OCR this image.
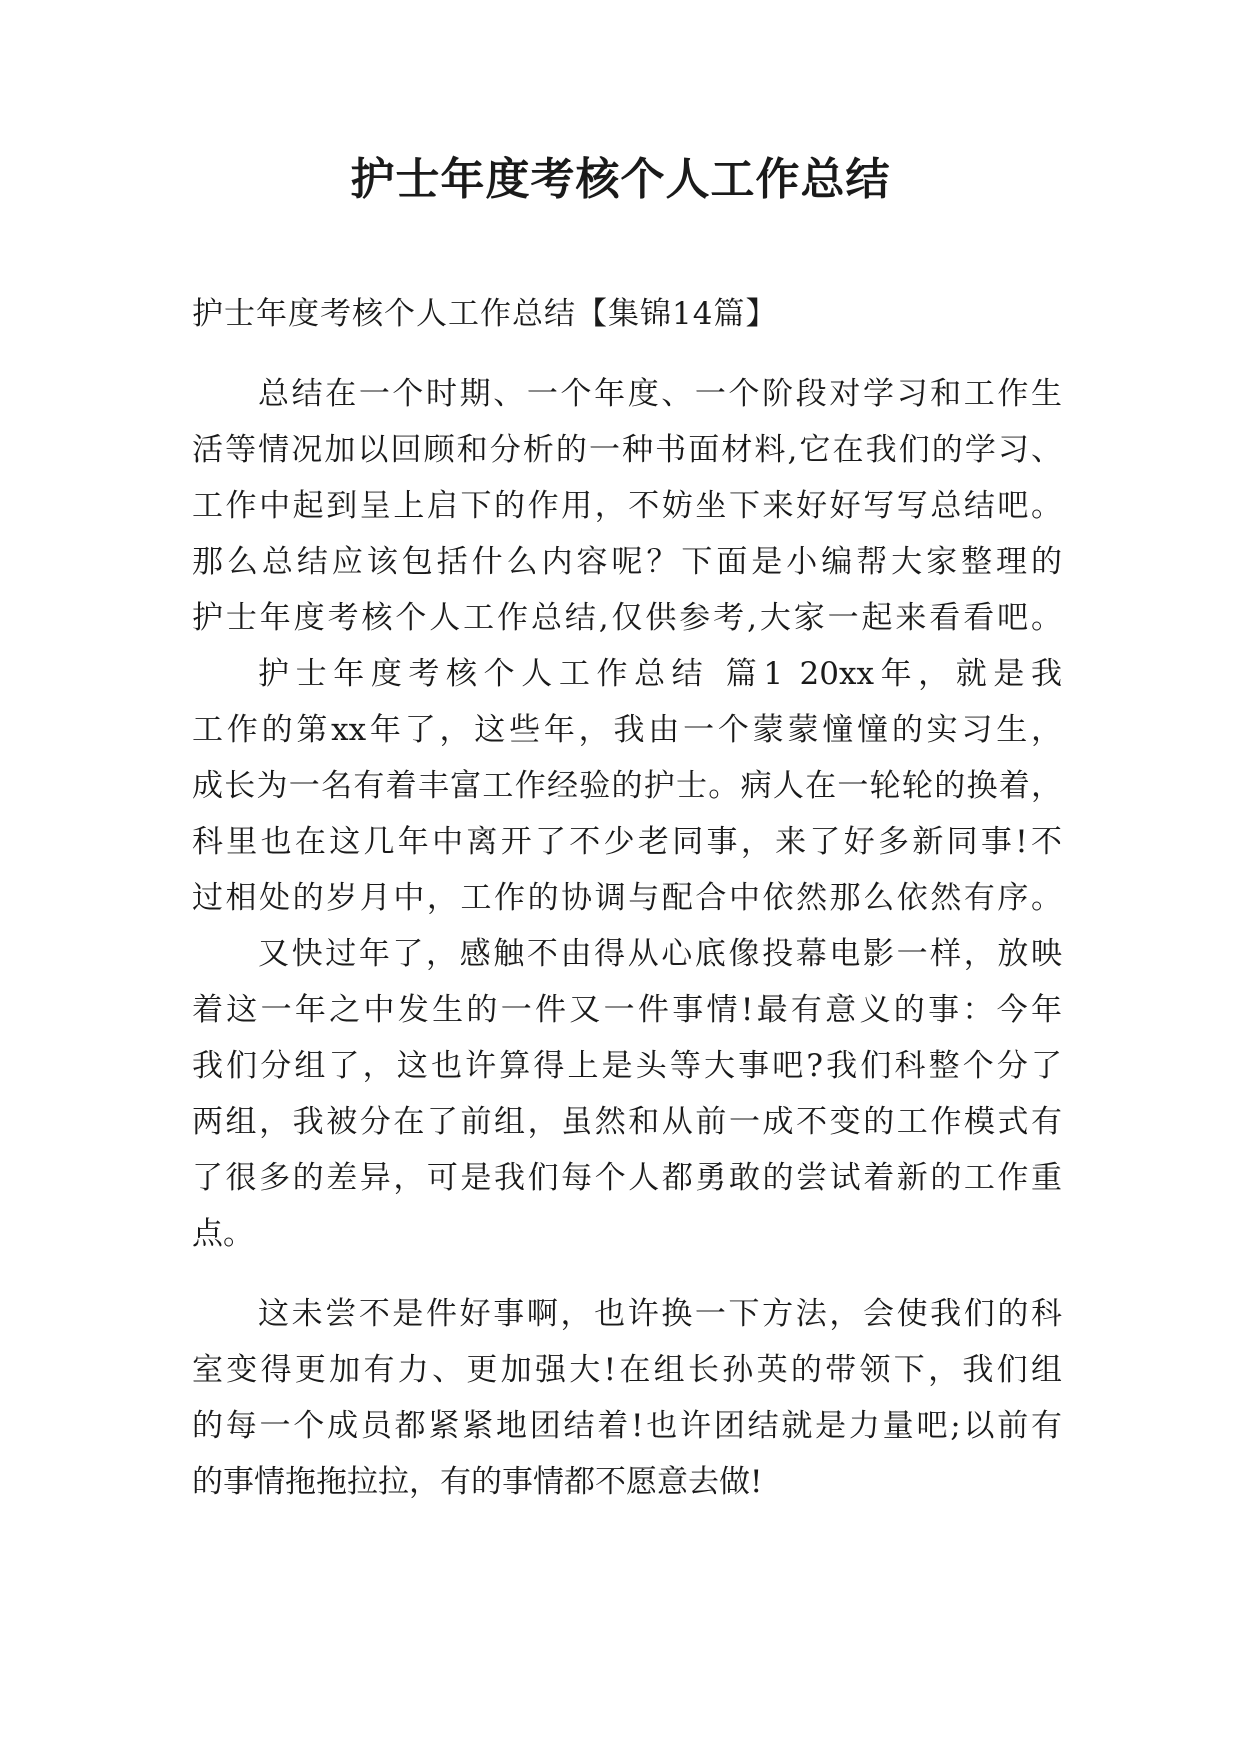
护士年度考核个人工作总结
护士年度考核个人工作总结【集锦14篇】
总结在一个时期、一个年度、一个阶段对学习和工作生
活等情况加以回顾和分析的一种书面材料,它在我们的学习、
工作中起到呈上启下的作用，不妨坐下来好好写写总结吧。
那么总结应该包括什么内容呢？下面是小编帮大家整理的
护士年度考核个人工作总结,仅供参考,大家一起来看看吧。
护士年度考核个人工作总结 篇1 20xx年，就是我
工作的第xx年了，这些年，我由一个蒙蒙憧憧的实习生，
成长为一名有着丰富工作经验的护士。病人在一轮轮的换着，
科里也在这几年中离开了不少老同事，来了好多新同事!不
过相处的岁月中，工作的协调与配合中依然那么依然有序。
又快过年了，感触不由得从心底像投幕电影一样，放映
着这一年之中发生的一件又一件事情!最有意义的事：今年
我们分组了，这也许算得上是头等大事吧?我们科整个分了
两组，我被分在了前组，虽然和从前一成不变的工作模式有
了很多的差异，可是我们每个人都勇敢的尝试着新的工作重
点。
这未尝不是件好事啊，也许换一下方法，会使我们的科
室变得更加有力、更加强大!在组长孙英的带领下，我们组
的每一个成员都紧紧地团结着!也许团结就是力量吧;以前有
的事情拖拖拉拉，有的事情都不愿意去做!
